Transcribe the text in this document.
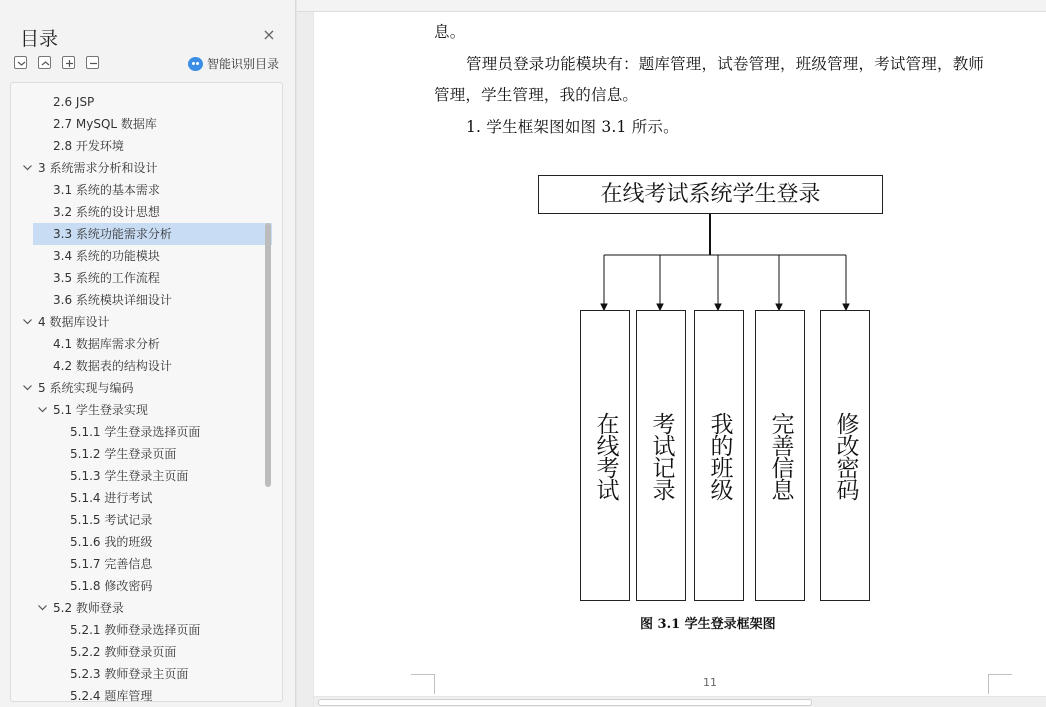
目录	×
智能识别目录
2.6 JSP
2.7 MySQL 数据库
2.8 开发环境
3 系统需求分析和设计
3.1 系统的基本需求
3.2 系统的设计思想
3.3 系统功能需求分析
3.4 系统的功能模块
3.5 系统的工作流程
3.6 系统模块详细设计
4 数据库设计
4.1 数据库需求分析
4.2 数据表的结构设计
5 系统实现与编码
5.1 学生登录实现
5.1.1 学生登录选择页面
5.1.2 学生登录页面
5.1.3 学生登录主页面
5.1.4 进行考试
5.1.5 考试记录
5.1.6 我的班级
5.1.7 完善信息
5.1.8 修改密码
5.2 教师登录
5.2.1 教师登录选择页面
5.2.2 教师登录页面
5.2.3 教师登录主页面
5.2.4 题库管理
息。
管理员登录功能模块有：题库管理，试卷管理，班级管理，考试管理，教师
管理，学生管理，我的信息。
1. 学生框架图如图 3.1 所示。
在线考试系统学生登录
在线考试 考试记录 我的班级 完善信息 修改密码
图 3.1 学生登录框架图
11
